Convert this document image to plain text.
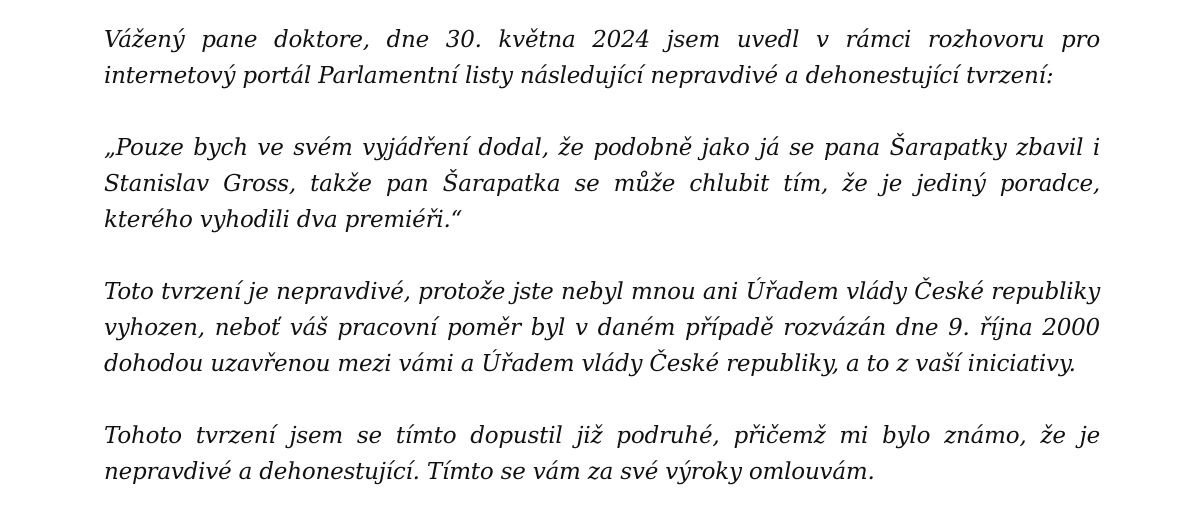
Vážený pane doktore, dne 30. května 2024 jsem uvedl v rámci rozhovoru pro internetový portál Parlamentní listy následující nepravdivé a dehonestující tvrzení:

„Pouze bych ve svém vyjádření dodal, že podobně jako já se pana Šarapatky zbavil i Stanislav Gross, takže pan Šarapatka se může chlubit tím, že je jediný poradce, kterého vyhodili dva premiéři.“

Toto tvrzení je nepravdivé, protože jste nebyl mnou ani Úřadem vlády České republiky vyhozen, neboť váš pracovní poměr byl v daném případě rozvázán dne 9. října 2000 dohodou uzavřenou mezi vámi a Úřadem vlády České republiky, a to z vaší iniciativy.

Tohoto tvrzení jsem se tímto dopustil již podruhé, přičemž mi bylo známo, že je nepravdivé a dehonestující. Tímto se vám za své výroky omlouvám.
